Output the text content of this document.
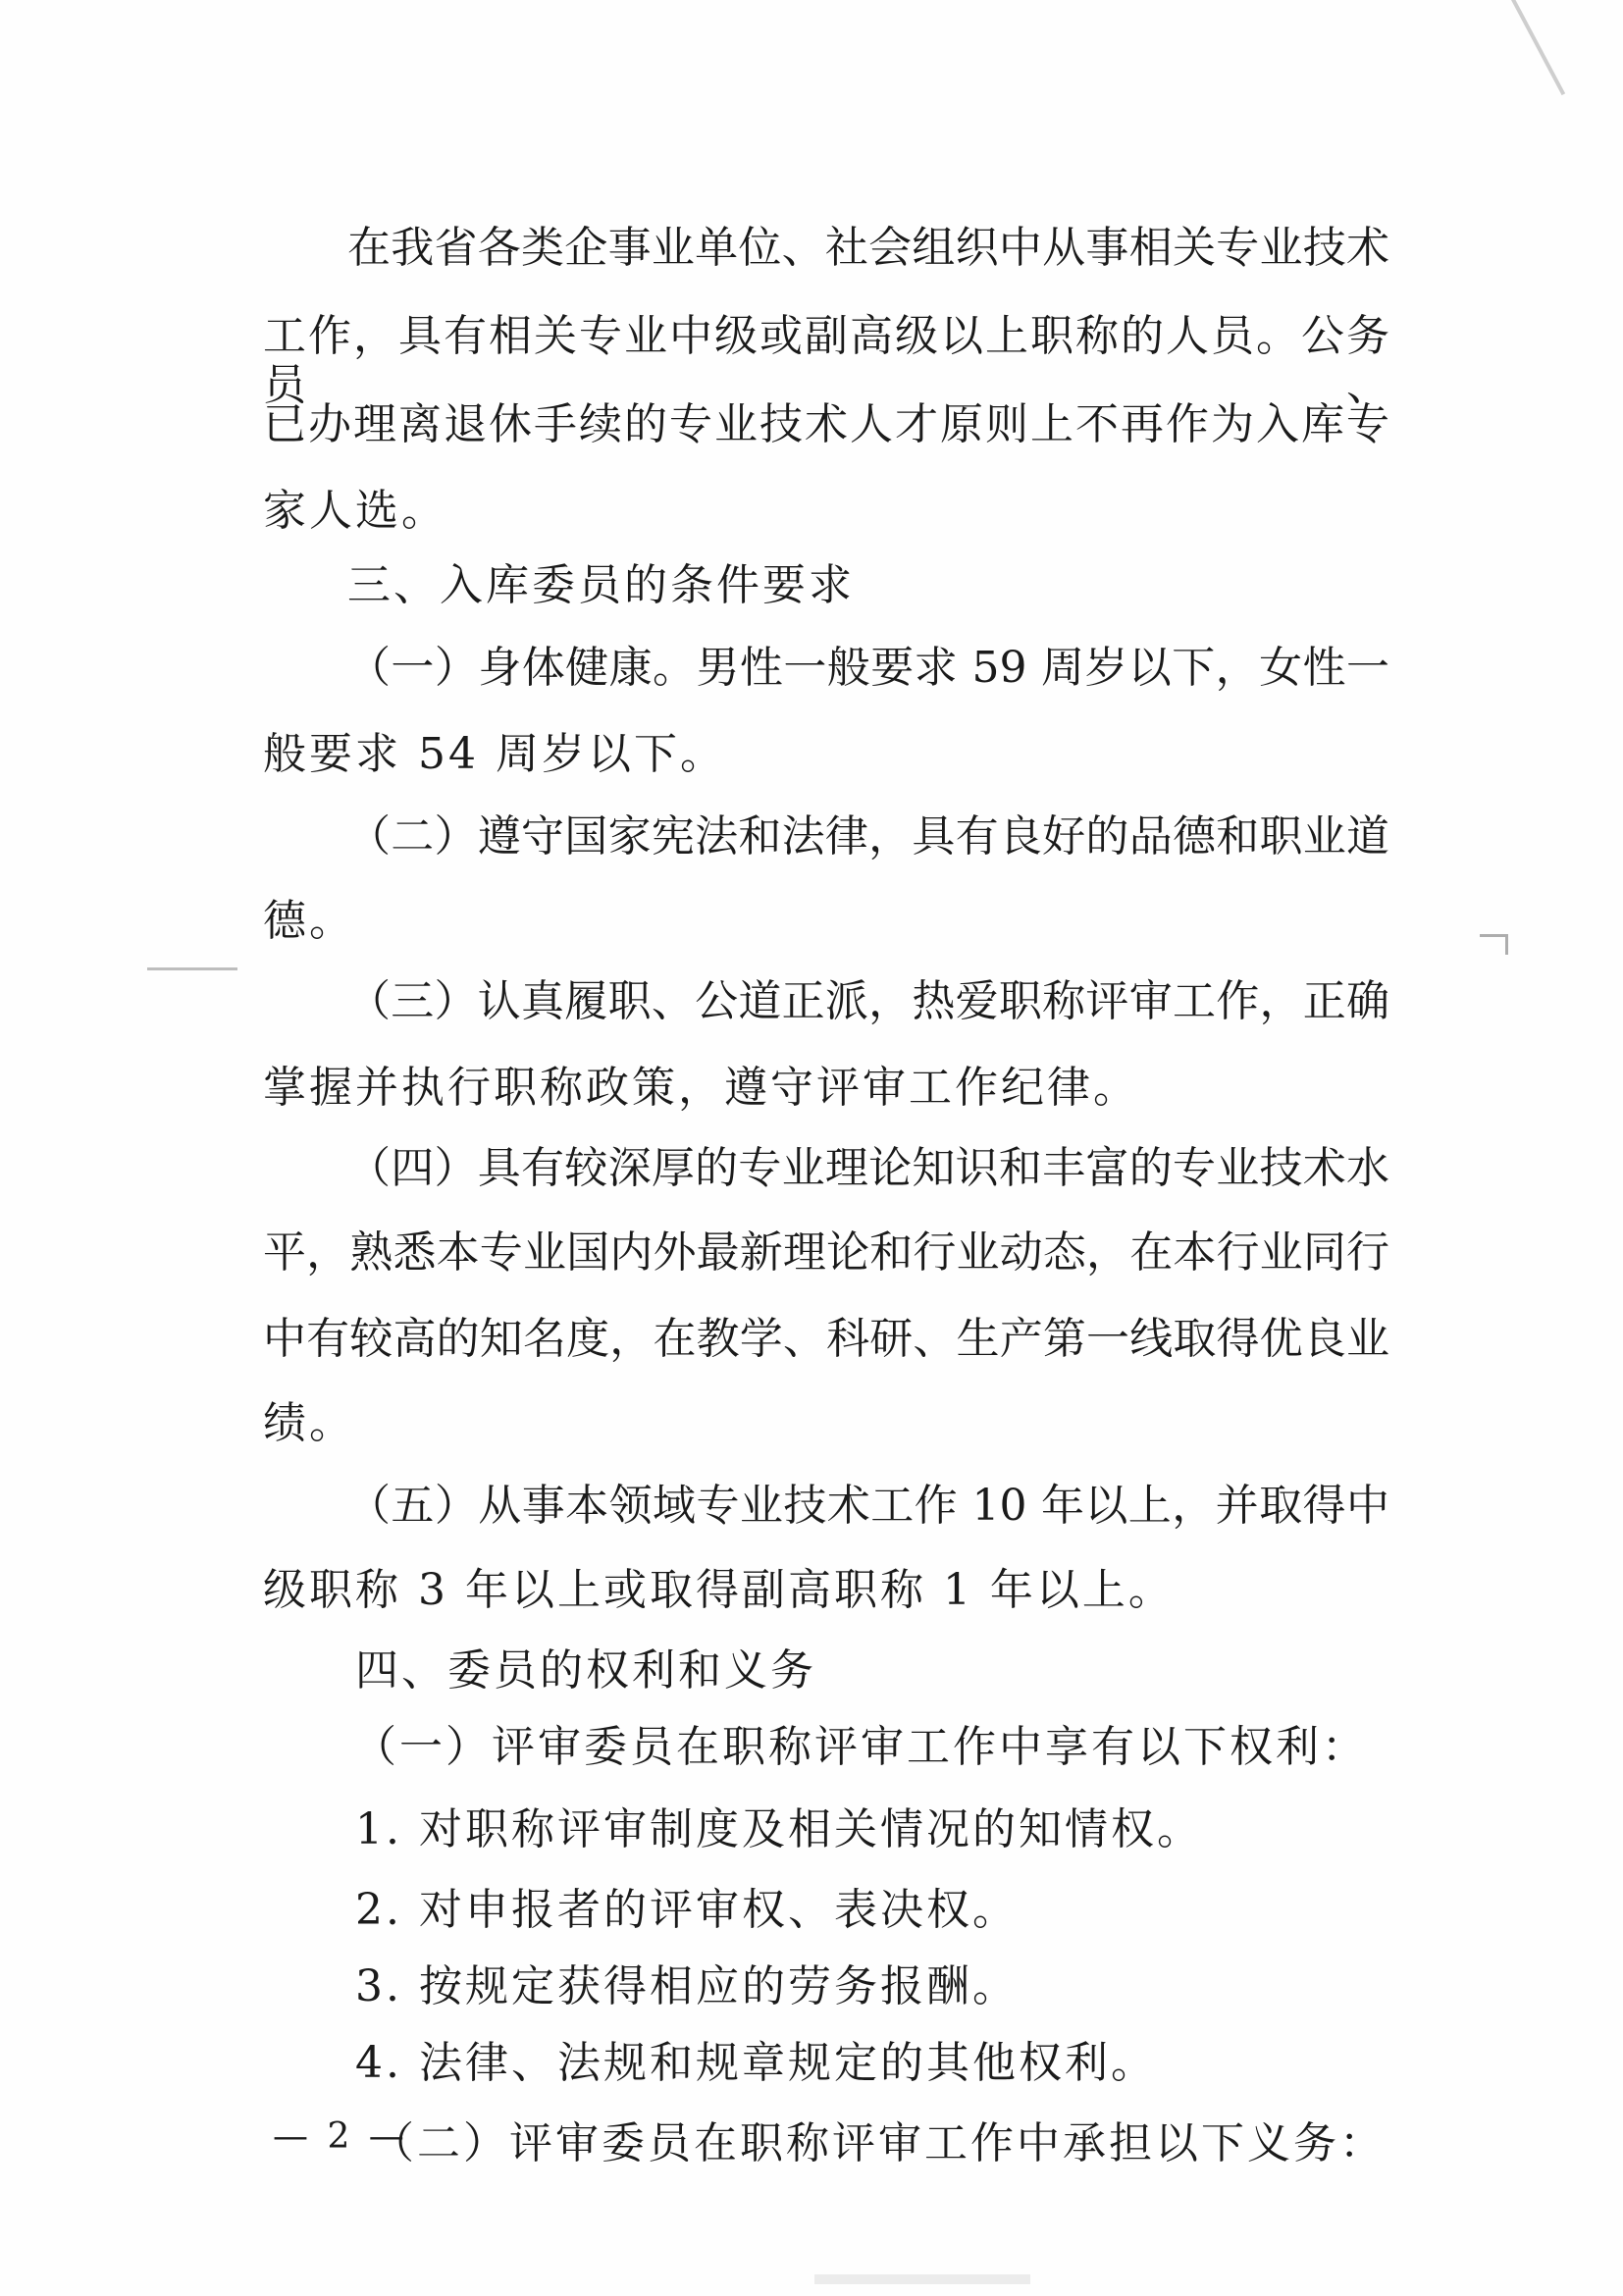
在我省各类企事业单位、社会组织中从事相关专业技术
工作，具有相关专业中级或副高级以上职称的人员。公务员、
已办理离退休手续的专业技术人才原则上不再作为入库专
家人选。
三、入库委员的条件要求
（一）身体健康。男性一般要求 59 周岁以下，女性一
般要求 54 周岁以下。
（二）遵守国家宪法和法律，具有良好的品德和职业道
德。
（三）认真履职、公道正派，热爱职称评审工作，正确
掌握并执行职称政策，遵守评审工作纪律。
（四）具有较深厚的专业理论知识和丰富的专业技术水
平，熟悉本专业国内外最新理论和行业动态，在本行业同行
中有较高的知名度，在教学、科研、生产第一线取得优良业
绩。
（五）从事本领域专业技术工作 10 年以上，并取得中
级职称 3 年以上或取得副高职称 1 年以上。
四、委员的权利和义务
（一）评审委员在职称评审工作中享有以下权利：
1. 对职称评审制度及相关情况的知情权。
2. 对申报者的评审权、表决权。
3. 按规定获得相应的劳务报酬。
4. 法律、法规和规章规定的其他权利。
（二）评审委员在职称评审工作中承担以下义务：
— 2 —
